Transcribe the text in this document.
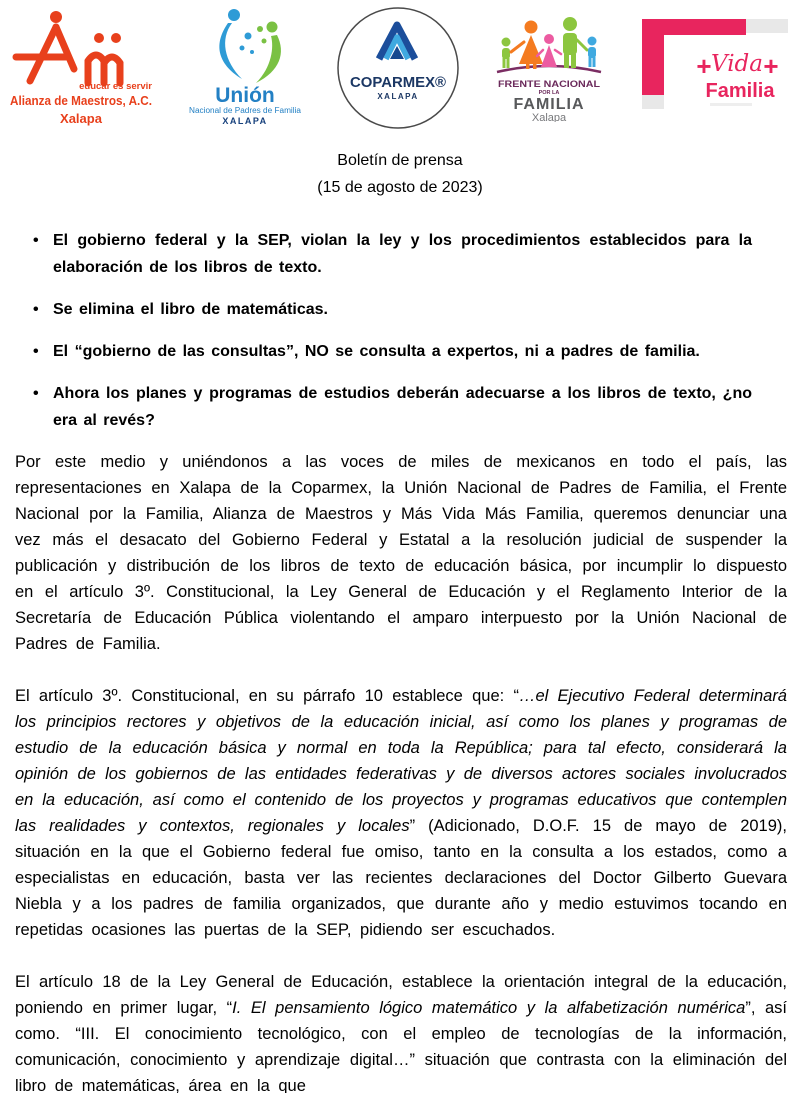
educar es servir
Alianza de Maestros, A.C.
Xalapa
Unión
Nacional de Padres de Familia
XALAPA
COPARMEX®
XALAPA
FRENTE NACIONAL
POR LA
FAMILIA
Xalapa
+ Vida +
Familia
Boletín de prensa
(15 de agosto de 2023)
• El gobierno federal y la SEP, violan la ley y los procedimientos establecidos para la elaboración de los libros de texto.
• Se elimina el libro de matemáticas.
• El “gobierno de las consultas”, NO se consulta a expertos, ni a padres de familia.
• Ahora los planes y programas de estudios deberán adecuarse a los libros de texto, ¿no era al revés?

Por este medio y uniéndonos a las voces de miles de mexicanos en todo el país, las representaciones en Xalapa de la Coparmex, la Unión Nacional de Padres de Familia, el Frente Nacional por la Familia, Alianza de Maestros y Más Vida Más Familia, queremos denunciar una vez más el desacato del Gobierno Federal y Estatal a la resolución judicial de suspender la publicación y distribución de los libros de texto de educación básica, por incumplir lo dispuesto en el artículo 3º. Constitucional, la Ley General de Educación y el Reglamento Interior de la Secretaría de Educación Pública violentando el amparo interpuesto por la Unión Nacional de Padres de Familia.

El artículo 3º. Constitucional, en su párrafo 10 establece que: “…el Ejecutivo Federal determinará los principios rectores y objetivos de la educación inicial, así como los planes y programas de estudio de la educación básica y normal en toda la República; para tal efecto, considerará la opinión de los gobiernos de las entidades federativas y de diversos actores sociales involucrados en la educación, así como el contenido de los proyectos y programas educativos que contemplen las realidades y contextos, regionales y locales” (Adicionado, D.O.F. 15 de mayo de 2019), situación en la que el Gobierno federal fue omiso, tanto en la consulta a los estados, como a especialistas en educación, basta ver las recientes declaraciones del Doctor Gilberto Guevara Niebla y a los padres de familia organizados, que durante año y medio estuvimos tocando en repetidas ocasiones las puertas de la SEP, pidiendo ser escuchados.

El artículo 18 de la Ley General de Educación, establece la orientación integral de la educación, poniendo en primer lugar, “I. El pensamiento lógico matemático y la alfabetización numérica”, así como. “III. El conocimiento tecnológico, con el empleo de tecnologías de la información, comunicación, conocimiento y aprendizaje digital…” situación que contrasta con la eliminación del libro de matemáticas, área en la que
